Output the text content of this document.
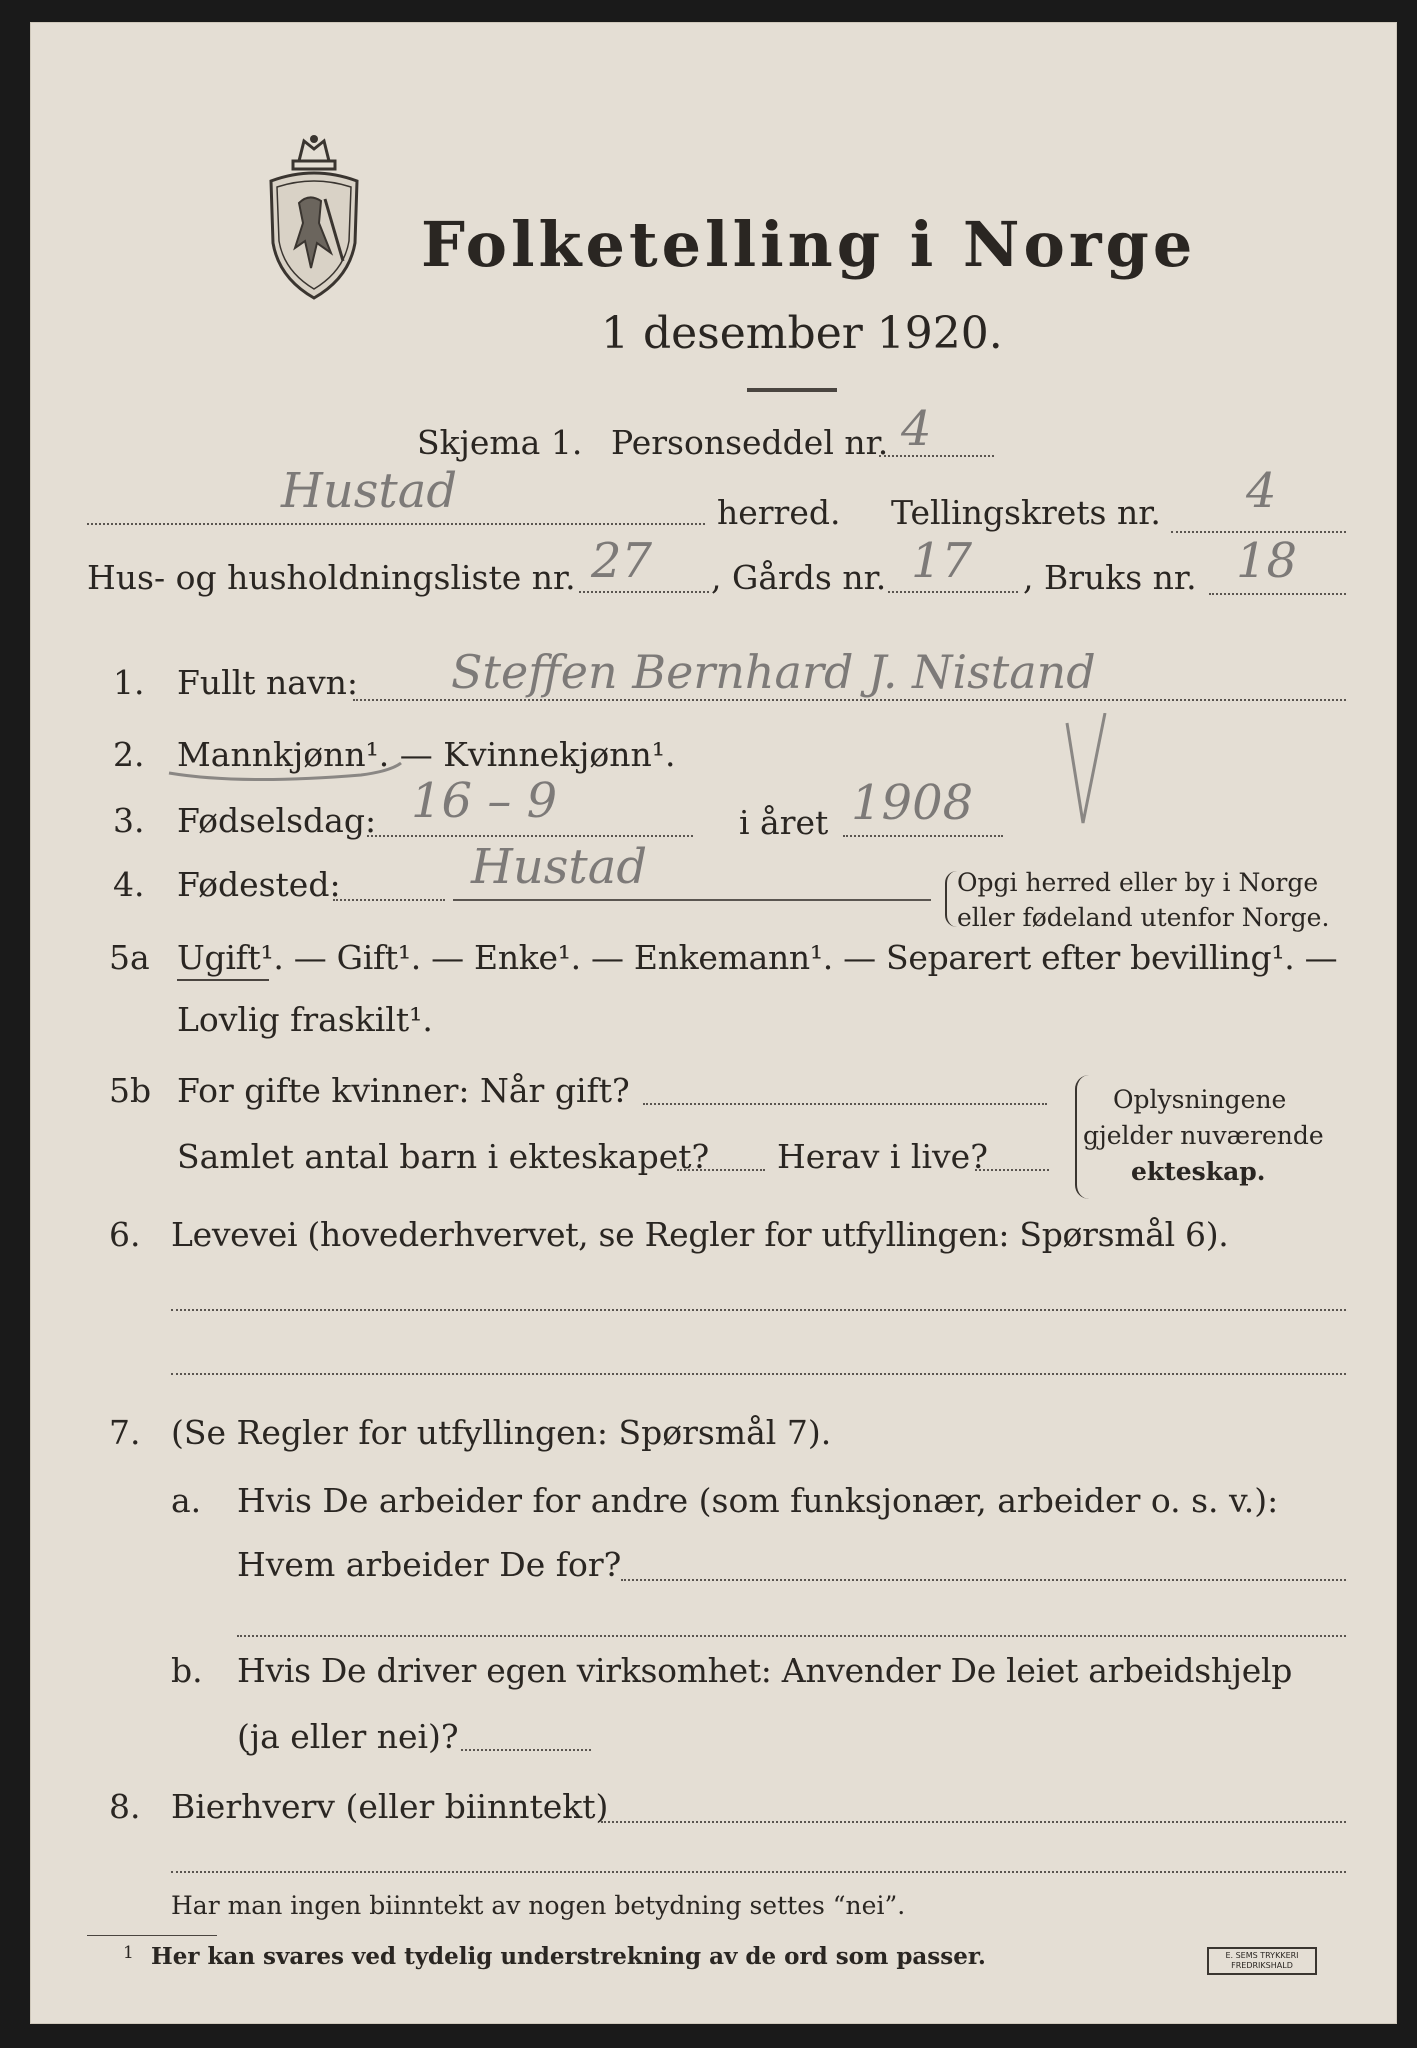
Folketelling i Norge
1 desember 1920.
Skjema 1. Personseddel nr. 4
Hustad	herred. Tellingskrets nr. 4
Hus- og husholdningsliste nr. 27 , Gårds nr. 17 , Bruks nr. 18
1. Fullt navn: Steffen Bernhard J. Nistand
2. Mannkjønn¹. — Kvinnekjønn¹.
3. Fødselsdag: 16 – 9	i året 1908
4. Fødested:	Hustad	Opgi herred eller by i Norge
eller fødeland utenfor Norge.
5a Ugift¹. — Gift¹. — Enke¹. — Enkemann¹. — Separert efter bevilling¹. —
Lovlig fraskilt¹.
5b For gifte kvinner: Når gift?
Samlet antal barn i ekteskapet? Herav i live?
Oplysningene
gjelder nuværende
ekteskap.
6. Levevei (hovederhvervet, se Regler for utfyllingen: Spørsmål 6).
7. (Se Regler for utfyllingen: Spørsmål 7).
a. Hvis De arbeider for andre (som funksjonær, arbeider o. s. v.):
Hvem arbeider De for?
b. Hvis De driver egen virksomhet: Anvender De leiet arbeidshjelp
(ja eller nei)?
8. Bierhverv (eller biinntekt)
Har man ingen biinntekt av nogen betydning settes “nei”.
1 Her kan svares ved tydelig understrekning av de ord som passer.	E. SEMS TRYKKERI FREDRIKSHALD
